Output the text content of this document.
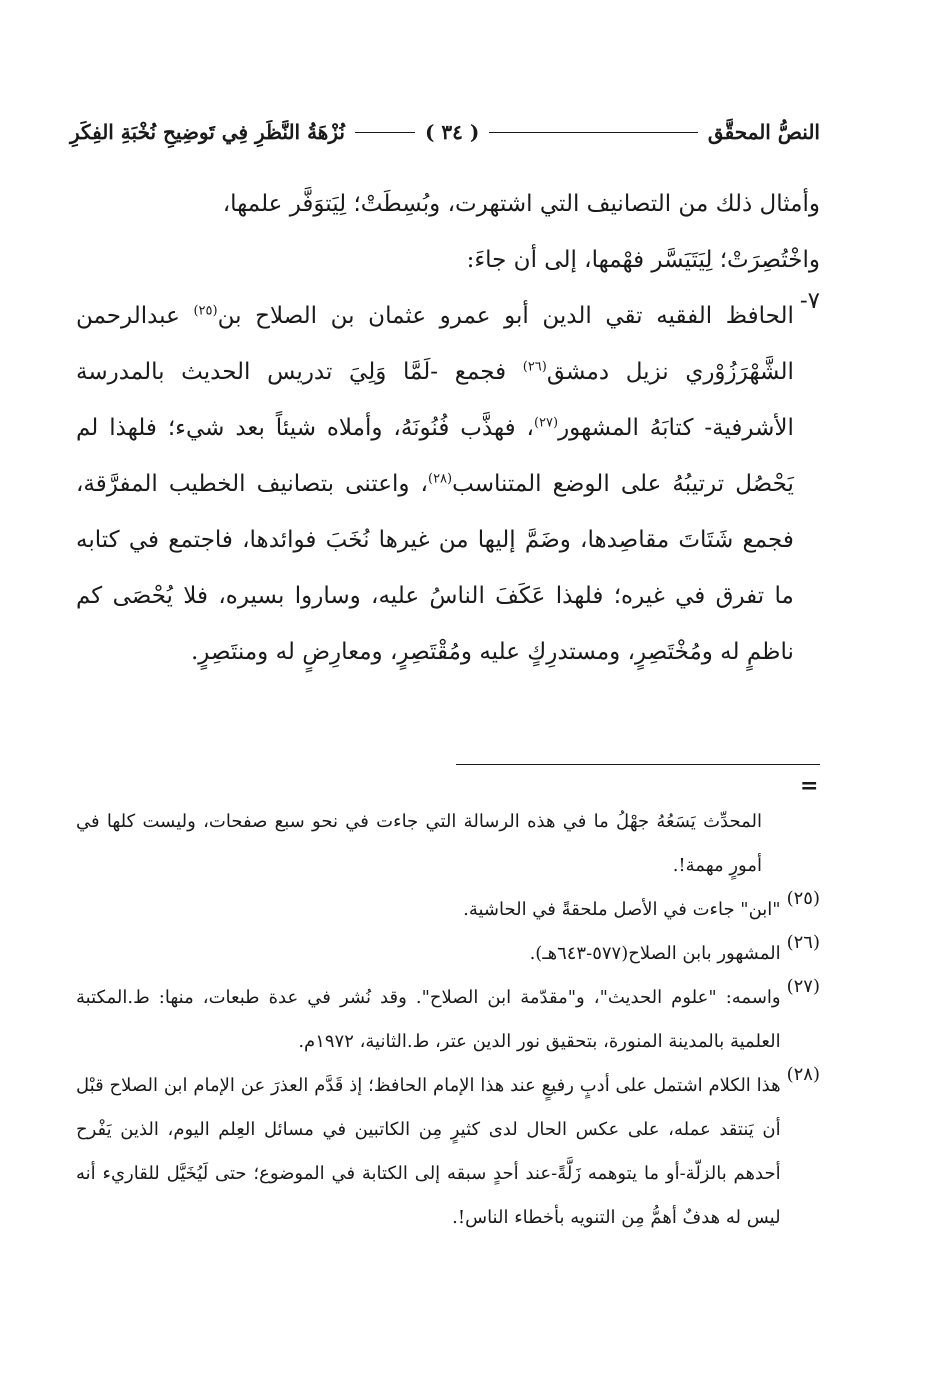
النصُّ المحقَّق
( ٣٤ )
نُزْهَةُ النَّظَرِ فِي تَوضِيحِ نُخْبَةِ الفِكَرِ

وأمثال ذلك من التصانيف التي اشتهرت، وبُسِطَتْ؛ لِيَتوَفَّر علمها،

واخْتُصِرَتْ؛ لِيَتَيَسَّر فهْمها، إلى أن جاءَ:

٧-

الحافظ الفقيه تقي الدين أبو عمرو عثمان بن الصلاح بن$^{(٢٥)}$ عبدالرحمن الشَّهْرَزُوْري نزيل دمشق$^{(٢٦)}$ فجمع -لَمَّا وَلِيَ تدريس الحديث بالمدرسة الأشرفية- كتابَهُ المشهور$^{(٢٧)}$، فهذَّب فُنُونَهُ، وأملاه شيئاً بعد شيء؛ فلهذا لم يَحْصُل ترتيبُهُ على الوضع المتناسب$^{(٢٨)}$، واعتنى بتصانيف الخطيب المفرَّقة، فجمع شَتَاتَ مقاصِدها، وضَمَّ إليها من غيرها نُخَبَ فوائدها، فاجتمع في كتابه ما تفرق في غيره؛ فلهذا عَكَفَ الناسُ عليه، وساروا بسيره، فلا يُحْصَى كم ناظمٍ له ومُخْتَصِرٍ، ومستدرِكٍ عليه ومُقْتَصِرٍ، ومعارِضٍ له ومنتَصِرٍ.

=

المحدِّث يَسَعُهُ جهْلُ ما في هذه الرسالة التي جاءت في نحو سبع صفحات، وليست كلها في أمورٍ مهمة!.

(٢٥)

"ابن" جاءت في الأصل ملحقةً في الحاشية.

(٢٦)

المشهور بابن الصلاح(٥٧٧-٦٤٣هـ).

(٢٧)

واسمه: "علوم الحديث"، و"مقدّمة ابن الصلاح". وقد نُشر في عدة طبعات، منها: ط.المكتبة العلمية بالمدينة المنورة، بتحقيق نور الدين عتر، ط.الثانية، ١٩٧٢م.

(٢٨)

هذا الكلام اشتمل على أدبٍ رفيعٍ عند هذا الإمام الحافظ؛ إذ قَدَّم العذرَ عن الإمام ابن الصلاح قبْل أن يَنتقد عمله، على عكس الحال لدى كثيرٍ مِن الكاتبين في مسائل العِلم اليوم، الذين يَفْرح أحدهم بالزلّة-أو ما يتوهمه زَلَّةً-عند أحدٍ سبقه إلى الكتابة في الموضوع؛ حتى لَيُخَيَّل للقاريء أنه ليس له هدفٌ أهمُّ مِن التنويه بأخطاء الناس!.
